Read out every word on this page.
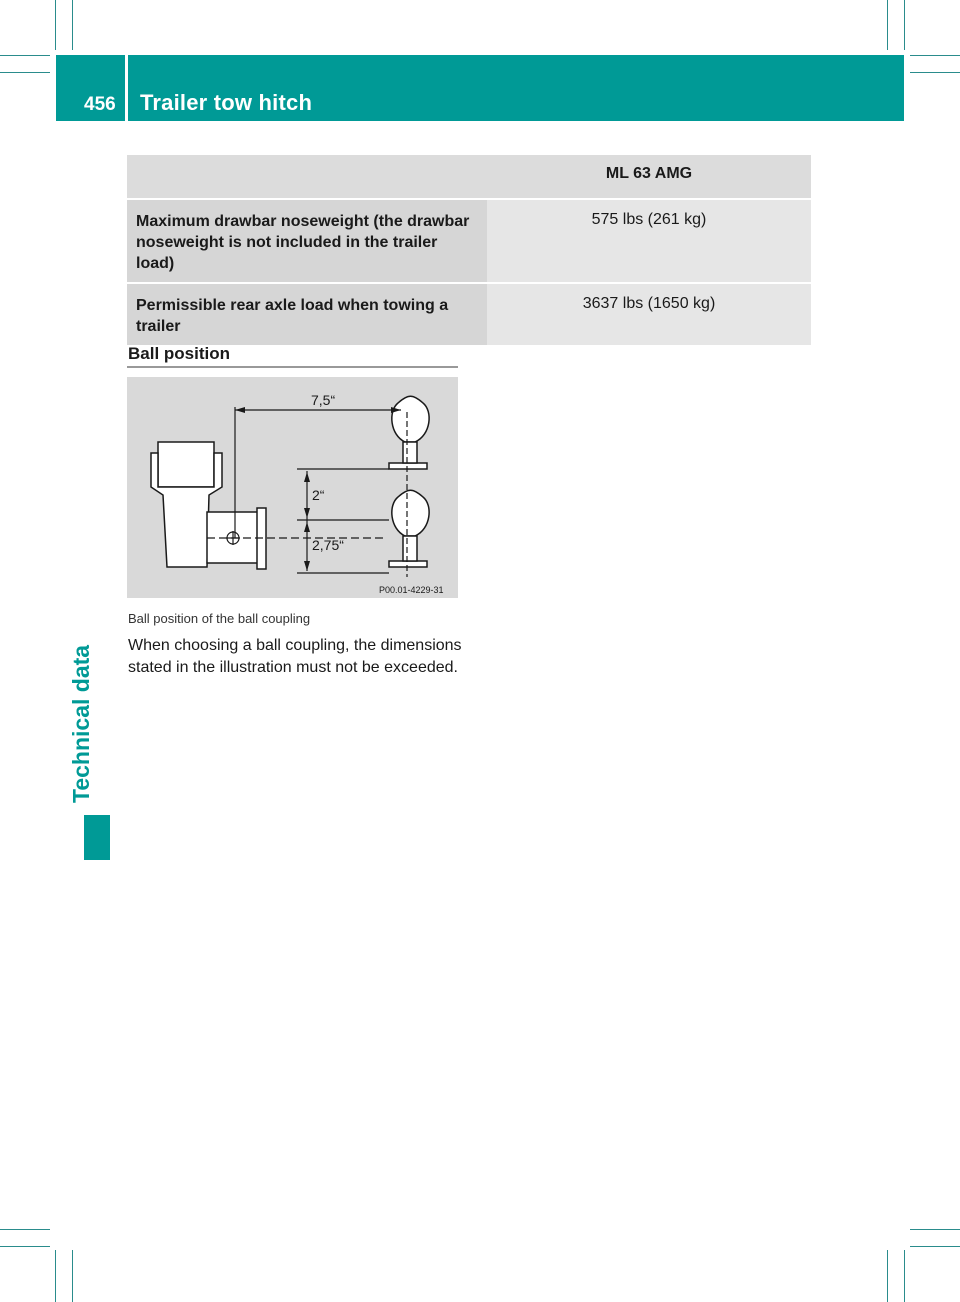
456 Trailer tow hitch
Technical data
	ML 63 AMG
Maximum drawbar noseweight (the drawbar noseweight is not included in the trailer load)	575 lbs (261 kg)
Permissible rear axle load when towing a trailer	3637 lbs (1650 kg)
Ball position
7,5“
2“
2,75“
P00.01-4229-31
Ball position of the ball coupling
When choosing a ball coupling, the dimensions stated in the illustration must not be exceeded.
